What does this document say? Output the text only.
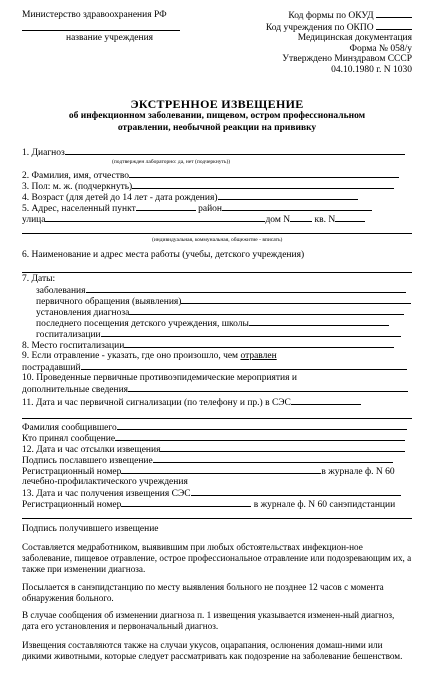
Министерство здравоохранения РФ
название учреждения
Код формы по ОКУД
Код учреждения по ОКПО
Медицинская документация
Форма № 058/у
Утверждено Минздравом СССР
04.10.1980 г. N 1030
ЭКСТРЕННОЕ ИЗВЕЩЕНИЕ
об инфекционном заболевании, пищевом, остром профессиональном
отравлении, необычной реакции на прививку
1. Диагноз
(подтвержден лабораторно: да, нет (подчеркнуть))
2. Фамилия, имя, отчество
3. Пол: м. ж. (подчеркнуть)
4. Возраст (для детей до 14 лет - дата рождения)
5. Адрес, населенный пункт	район
улица	дом N	кв. N
(индивидуальная, коммунальная, общежитие - вписать)
6. Наименование и адрес места работы (учебы, детского учреждения)
7. Даты:
заболевания
первичного обращения (выявления)
установления диагноза
последнего посещения детского учреждения, школы
госпитализации
8. Место госпитализации
9. Если отравление - указать, где оно произошло, чем отравлен
пострадавший
10. Проведенные первичные противоэпидемические мероприятия и
дополнительные сведения
11. Дата и час первичной сигнализации (по телефону и пр.) в СЭС
Фамилия сообщившего
Кто принял сообщение
12. Дата и час отсылки извещения
Подпись пославшего извещение
Регистрационный номер	в журнале ф. N 60
лечебно-профилактического учреждения
13. Дата и час получения извещения СЭС
Регистрационный номер	в журнале ф. N 60 санэпидстанции
Подпись получившего извещение
Составляется медработником, выявившим при любых обстоятельствах инфекцион-ное заболевание, пищевое отравление, острое профессиональное отравление или подозревающим их, а также при изменении диагноза.
Посылается в санэпидстанцию по месту выявления больного не позднее 12 часов с момента обнаружения больного.
В случае сообщения об изменении диагноза п. 1 извещения указывается изменен-ный диагноз, дата его установления и первоначальный диагноз.
Извещения составляются также на случаи укусов, оцарапания, ослюнения домаш-ними или дикими животными, которые следует рассматривать как подозрение на заболевание бешенством.
